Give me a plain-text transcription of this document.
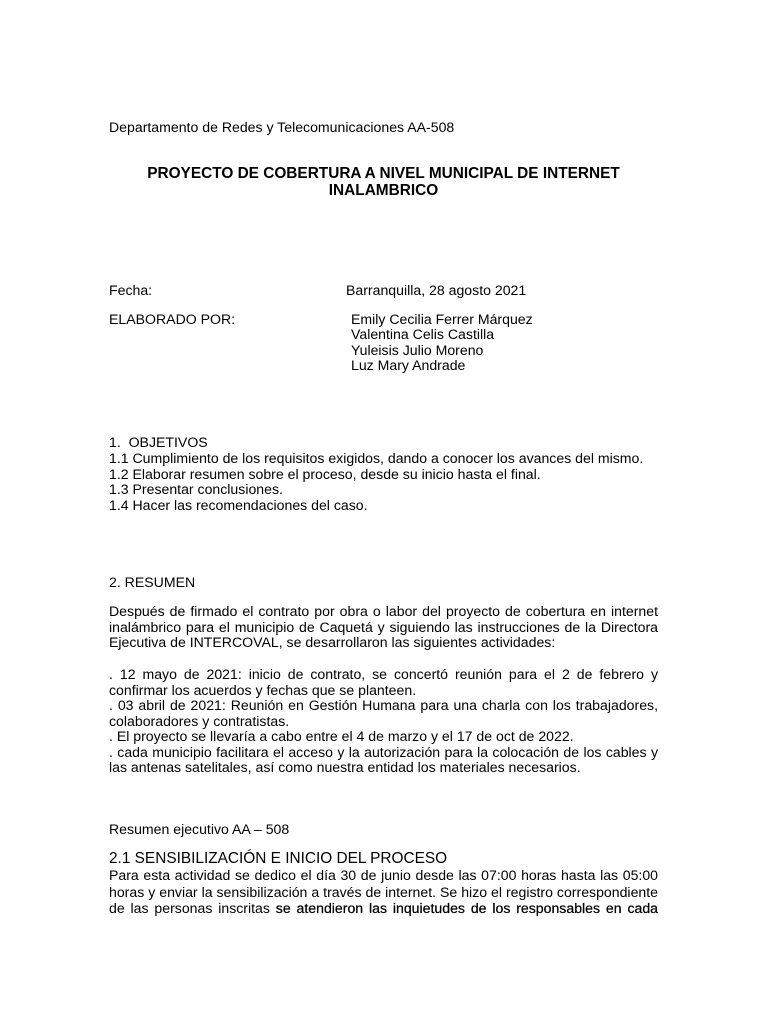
Departamento de Redes y Telecomunicaciones AA-508
PROYECTO DE COBERTURA A NIVEL MUNICIPAL DE INTERNET
INALAMBRICO
Fecha:	Barranquilla, 28 agosto 2021
ELABORADO POR:	Emily Cecilia Ferrer Márquez
Valentina Celis Castilla
Yuleisis Julio Moreno
Luz Mary Andrade
1.  OBJETIVOS
1.1 Cumplimiento de los requisitos exigidos, dando a conocer los avances del mismo.
1.2 Elaborar resumen sobre el proceso, desde su inicio hasta el final.
1.3 Presentar conclusiones.
1.4 Hacer las recomendaciones del caso.
2. RESUMEN
Después de firmado el contrato por obra o labor del proyecto de cobertura en internet
inalámbrico para el municipio de Caquetá y siguiendo las instrucciones de la Directora
Ejecutiva de INTERCOVAL, se desarrollaron las siguientes actividades:
. 12 mayo de 2021: inicio de contrato, se concertó reunión para el 2 de febrero y
confirmar los acuerdos y fechas que se planteen.
. 03 abril de 2021: Reunión en Gestión Humana para una charla con los trabajadores,
colaboradores y contratistas.
. El proyecto se llevaría a cabo entre el 4 de marzo y el 17 de oct de 2022.
. cada municipio facilitara el acceso y la autorización para la colocación de los cables y
las antenas satelitales, así como nuestra entidad los materiales necesarios.
Resumen ejecutivo AA – 508
2.1 SENSIBILIZACIÓN E INICIO DEL PROCESO
Para esta actividad se dedico el día 30 de junio desde las 07:00 horas hasta las 05:00
horas y enviar la sensibilización a través de internet. Se hizo el registro correspondiente
de las personas inscritas se atendieron las inquietudes de los responsables en cada
